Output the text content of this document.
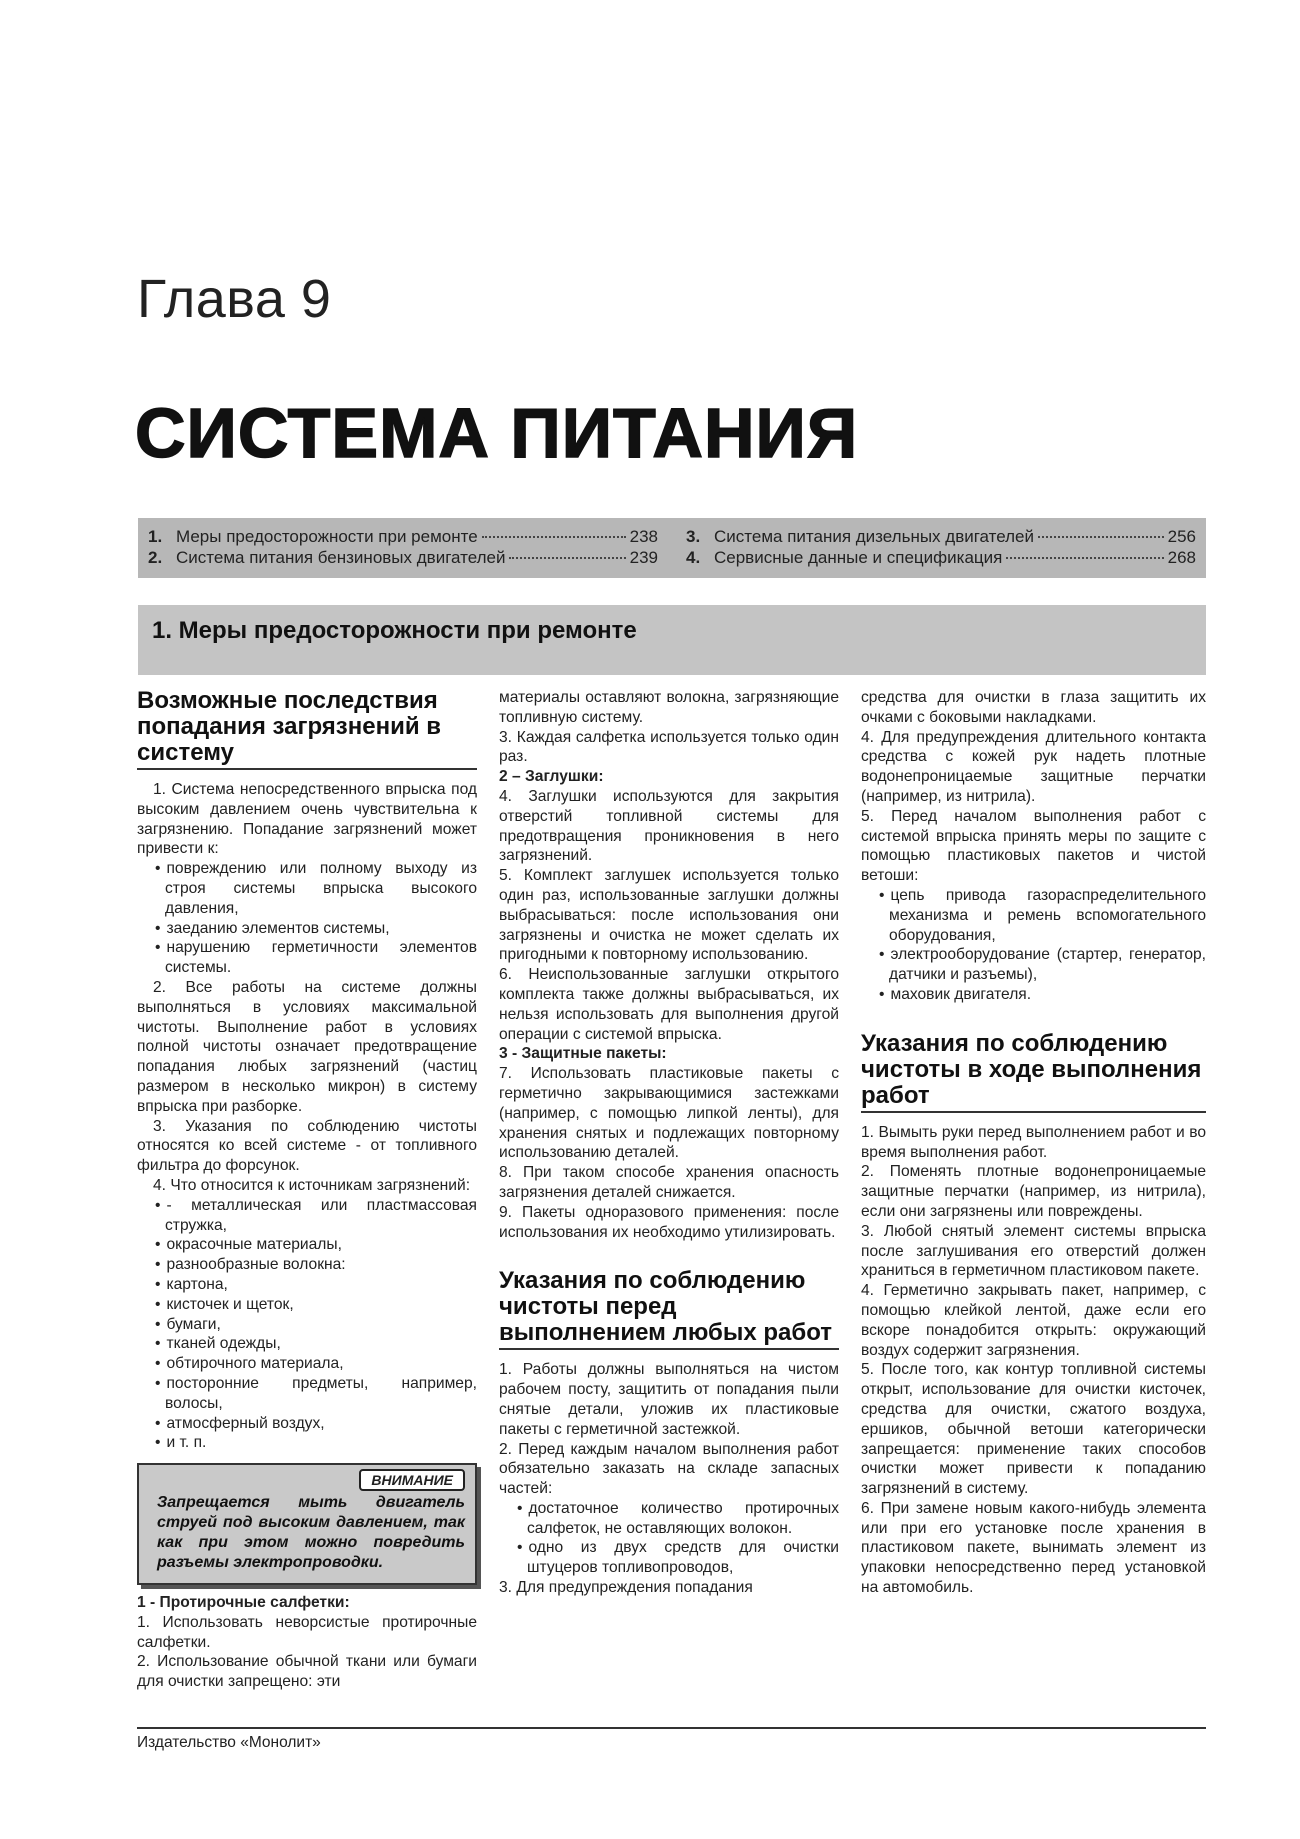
Глава 9
СИСТЕМА ПИТАНИЯ
1. Меры предосторожности при ремонте	238
2. Система питания бензиновых двигателей	239
3. Система питания дизельных двигателей	256
4. Сервисные данные и спецификация	268
1. Меры предосторожности при ремонте
Возможные последствия попадания загрязнений в систему

1. Система непосредственного впрыска под высоким давлением очень чувствительна к загрязнению. Попадание загрязнений может привести к:

• повреждению или полному выходу из строя системы впрыска высокого давления,

• заеданию элементов системы,

• нарушению герметичности элементов системы.

2. Все работы на системе должны выполняться в условиях максимальной чистоты. Выполнение работ в условиях полной чистоты означает предотвращение попадания любых загрязнений (частиц размером в несколько микрон) в систему впрыска при разборке.

3. Указания по соблюдению чистоты относятся ко всей системе - от топливного фильтра до форсунок.

4. Что относится к источникам загрязнений:

• - металлическая или пластмассовая стружка,

• окрасочные материалы,

• разнообразные волокна:

• картона,

• кисточек и щеток,

• бумаги,

• тканей одежды,

• обтирочного материала,

• посторонние предметы, например, волосы,

• атмосферный воздух,

• и т. п.

ВНИМАНИЕ
Запрещается мыть двигатель струей под высоким давлением, так как при этом можно повредить разъемы электропроводки.

1 - Протирочные салфетки:

1. Использовать неворсистые протирочные салфетки.

2. Использование обычной ткани или бумаги для очистки запрещено: эти

материалы оставляют волокна, загрязняющие топливную систему.

3. Каждая салфетка используется только один раз.

2 – Заглушки:

4. Заглушки используются для закрытия отверстий топливной системы для предотвращения проникновения в него загрязнений.

5. Комплект заглушек используется только один раз, использованные заглушки должны выбрасываться: после использования они загрязнены и очистка не может сделать их пригодными к повторному использованию.

6. Неиспользованные заглушки открытого комплекта также должны выбрасываться, их нельзя использовать для выполнения другой операции с системой впрыска.

3 - Защитные пакеты:

7. Использовать пластиковые пакеты с герметично закрывающимися застежками (например, с помощью липкой ленты), для хранения снятых и подлежащих повторному использованию деталей.

8. При таком способе хранения опасность загрязнения деталей снижается.

9. Пакеты одноразового применения: после использования их необходимо утилизировать.

Указания по соблюдению чистоты перед выполнением любых работ

1. Работы должны выполняться на чистом рабочем посту, защитить от попадания пыли снятые детали, уложив их пластиковые пакеты с герметичной застежкой.

2. Перед каждым началом выполнения работ обязательно заказать на складе запасных частей:

• достаточное количество протирочных салфеток, не оставляющих волокон.

• одно из двух средств для очистки штуцеров топливопроводов,

3. Для предупреждения попадания

средства для очистки в глаза защитить их очками с боковыми накладками.

4. Для предупреждения длительного контакта средства с кожей рук надеть плотные водонепроницаемые защитные перчатки (например, из нитрила).

5. Перед началом выполнения работ с системой впрыска принять меры по защите с помощью пластиковых пакетов и чистой ветоши:

• цепь привода газораспределительного механизма и ремень вспомогательного оборудования,

• электрооборудование (стартер, генератор, датчики и разъемы),

• маховик двигателя.

Указания по соблюдению чистоты в ходе выполнения работ

1. Вымыть руки перед выполнением работ и во время выполнения работ.

2. Поменять плотные водонепроницаемые защитные перчатки (например, из нитрила), если они загрязнены или повреждены.

3. Любой снятый элемент системы впрыска после заглушивания его отверстий должен храниться в герметичном пластиковом пакете.

4. Герметично закрывать пакет, например, с помощью клейкой лентой, даже если его вскоре понадобится открыть: окружающий воздух содержит загрязнения.

5. После того, как контур топливной системы открыт, использование для очистки кисточек, средства для очистки, сжатого воздуха, ершиков, обычной ветоши категорически запрещается: применение таких способов очистки может привести к попаданию загрязнений в систему.

6. При замене новым какого-нибудь элемента или при его установке после хранения в пластиковом пакете, вынимать элемент из упаковки непосредственно перед установкой на автомобиль.

Издательство «Монолит»
